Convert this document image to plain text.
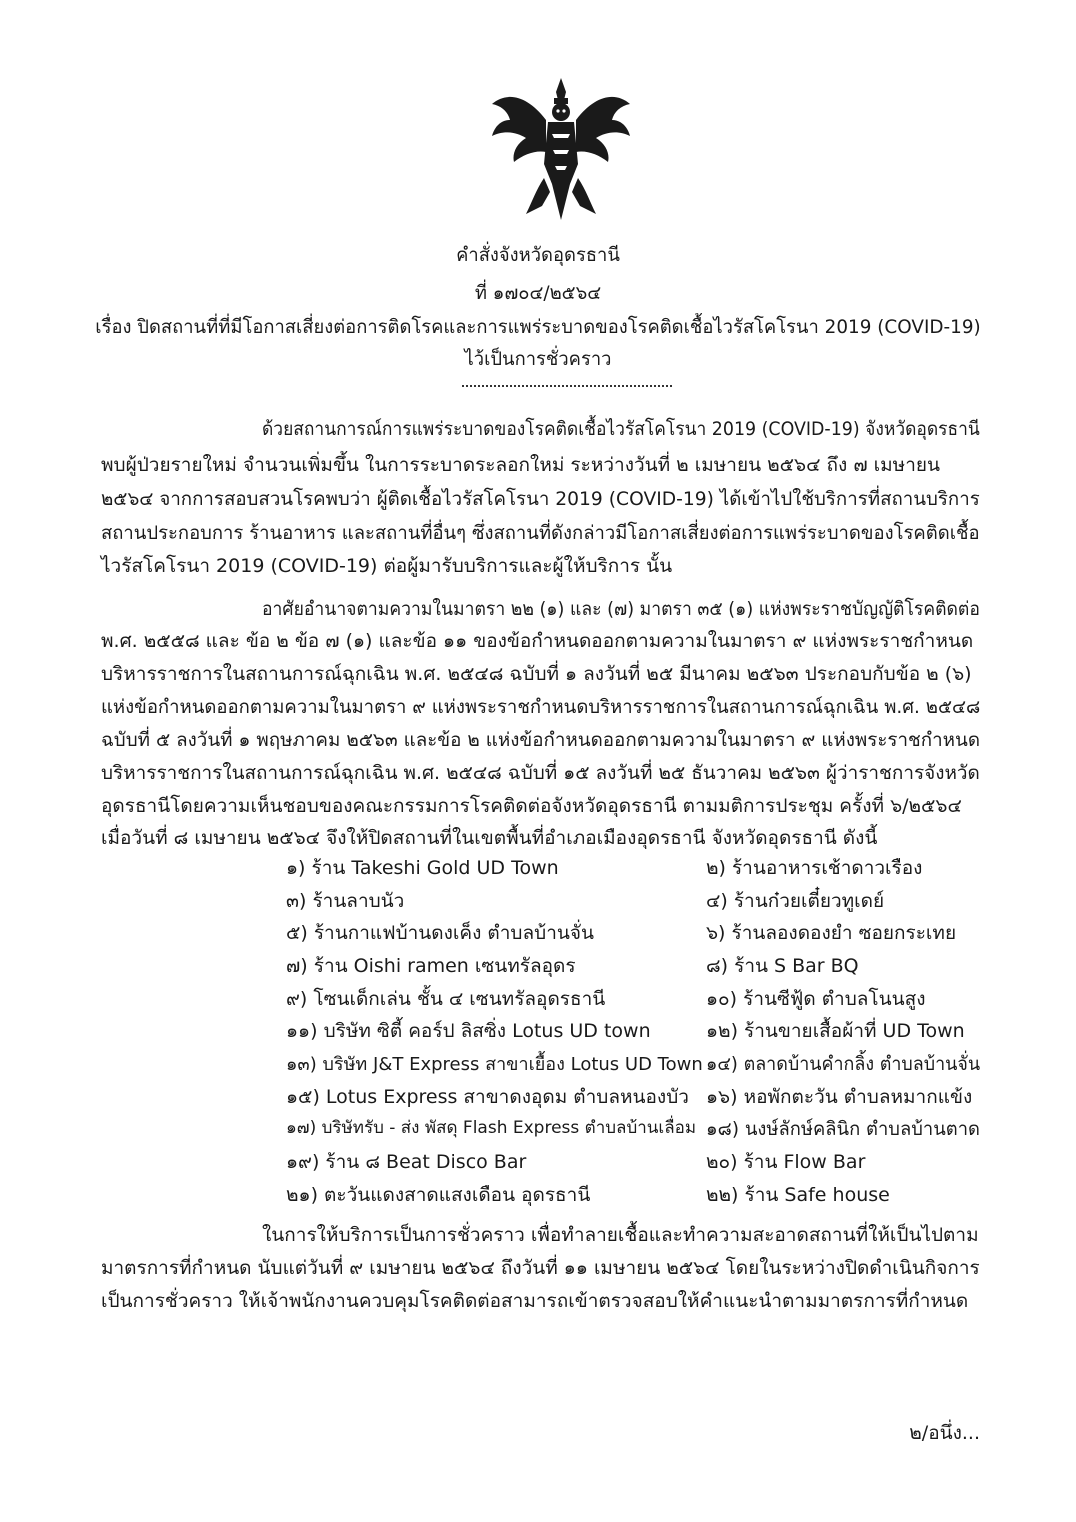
คำสั่งจังหวัดอุดรธานี
ที่ ๑๗๐๔/๒๕๖๔
เรื่อง ปิดสถานที่ที่มีโอกาสเสี่ยงต่อการติดโรคและการแพร่ระบาดของโรคติดเชื้อไวรัสโคโรนา 2019 (COVID-19)
ไว้เป็นการชั่วคราว
ด้วยสถานการณ์การแพร่ระบาดของโรคติดเชื้อไวรัสโคโรนา 2019 (COVID-19) จังหวัดอุดรธานี
พบผู้ป่วยรายใหม่ จำนวนเพิ่มขึ้น ในการระบาดระลอกใหม่ ระหว่างวันที่ ๒ เมษายน ๒๕๖๔ ถึง ๗ เมษายน
๒๕๖๔ จากการสอบสวนโรคพบว่า ผู้ติดเชื้อไวรัสโคโรนา 2019 (COVID-19) ได้เข้าไปใช้บริการที่สถานบริการ
สถานประกอบการ ร้านอาหาร และสถานที่อื่นๆ ซึ่งสถานที่ดังกล่าวมีโอกาสเสี่ยงต่อการแพร่ระบาดของโรคติดเชื้อ
ไวรัสโคโรนา 2019 (COVID-19) ต่อผู้มารับบริการและผู้ให้บริการ นั้น
อาศัยอำนาจตามความในมาตรา ๒๒ (๑) และ (๗) มาตรา ๓๕ (๑) แห่งพระราชบัญญัติโรคติดต่อ
พ.ศ. ๒๕๕๘ และ ข้อ ๒ ข้อ ๗ (๑) และข้อ ๑๑ ของข้อกำหนดออกตามความในมาตรา ๙ แห่งพระราชกำหนด
บริหารราชการในสถานการณ์ฉุกเฉิน พ.ศ. ๒๕๔๘ ฉบับที่ ๑ ลงวันที่ ๒๕ มีนาคม ๒๕๖๓ ประกอบกับข้อ ๒ (๖)
แห่งข้อกำหนดออกตามความในมาตรา ๙ แห่งพระราชกำหนดบริหารราชการในสถานการณ์ฉุกเฉิน พ.ศ. ๒๕๔๘
ฉบับที่ ๕ ลงวันที่ ๑ พฤษภาคม ๒๕๖๓ และข้อ ๒ แห่งข้อกำหนดออกตามความในมาตรา ๙ แห่งพระราชกำหนด
บริหารราชการในสถานการณ์ฉุกเฉิน พ.ศ. ๒๕๔๘ ฉบับที่ ๑๕ ลงวันที่ ๒๕ ธันวาคม ๒๕๖๓ ผู้ว่าราชการจังหวัด
อุดรธานีโดยความเห็นชอบของคณะกรรมการโรคติดต่อจังหวัดอุดรธานี ตามมติการประชุม ครั้งที่ ๖/๒๕๖๔
เมื่อวันที่ ๘ เมษายน ๒๕๖๔ จึงให้ปิดสถานที่ในเขตพื้นที่อำเภอเมืองอุดรธานี จังหวัดอุดรธานี ดังนี้
๑) ร้าน Takeshi Gold UD Town	๒) ร้านอาหารเช้าดาวเรือง
๓) ร้านลาบนัว	๔) ร้านก๋วยเตี๋ยวทูเดย์
๕) ร้านกาแฟบ้านดงเค็ง ตำบลบ้านจั่น	๖) ร้านลองดองยำ ซอยกระเทย
๗) ร้าน Oishi ramen เซนทรัลอุดร	๘) ร้าน S Bar BQ
๙) โซนเด็กเล่น ชั้น ๔ เซนทรัลอุดรธานี	๑๐) ร้านซีฟู้ด ตำบลโนนสูง
๑๑) บริษัท ซิตี้ คอร์ป ลิสซิ่ง Lotus UD town	๑๒) ร้านขายเสื้อผ้าที่ UD Town
๑๓) บริษัท J&T Express สาขาเยื้อง Lotus UD Town ๑๔) ตลาดบ้านคำกลิ้ง ตำบลบ้านจั่น
๑๕) Lotus Express สาขาดงอุดม ตำบลหนองบัว ๑๖) หอพักตะวัน ตำบลหมากแข้ง
๑๗) บริษัทรับ - ส่ง พัสดุ Flash Express ตำบลบ้านเลื่อม ๑๘) นงษ์ลักษ์คลินิก ตำบลบ้านตาด
๑๙) ร้าน ๘ Beat Disco Bar	๒๐) ร้าน Flow Bar
๒๑) ตะวันแดงสาดแสงเดือน อุดรธานี	๒๒) ร้าน Safe house
ในการให้บริการเป็นการชั่วคราว เพื่อทำลายเชื้อและทำความสะอาดสถานที่ให้เป็นไปตาม
มาตรการที่กำหนด นับแต่วันที่ ๙ เมษายน ๒๕๖๔ ถึงวันที่ ๑๑ เมษายน ๒๕๖๔ โดยในระหว่างปิดดำเนินกิจการ
เป็นการชั่วคราว ให้เจ้าพนักงานควบคุมโรคติดต่อสามารถเข้าตรวจสอบให้คำแนะนำตามมาตรการที่กำหนด
๒/อนึ่ง...
